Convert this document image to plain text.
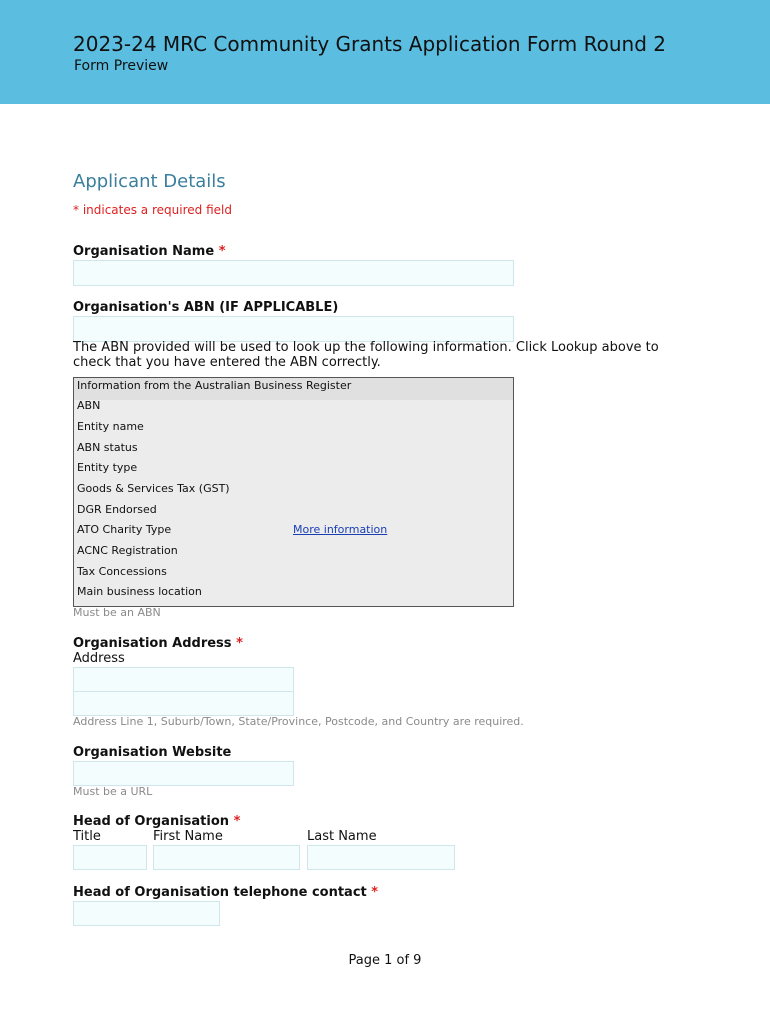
2023-24 MRC Community Grants Application Form Round 2
Form Preview
Applicant Details
* indicates a required field
Organisation Name *
Organisation's ABN (IF APPLICABLE)
The ABN provided will be used to look up the following information. Click Lookup above to check that you have entered the ABN correctly.
Information from the Australian Business Register
ABN
Entity name
ABN status
Entity type
Goods & Services Tax (GST)
DGR Endorsed
ATO Charity Type	More information
ACNC Registration
Tax Concessions
Main business location
Must be an ABN
Organisation Address *
Address
Address Line 1, Suburb/Town, State/Province, Postcode, and Country are required.
Organisation Website
Must be a URL
Head of Organisation *
Title	First Name	Last Name
Head of Organisation telephone contact *
Page 1 of 9
